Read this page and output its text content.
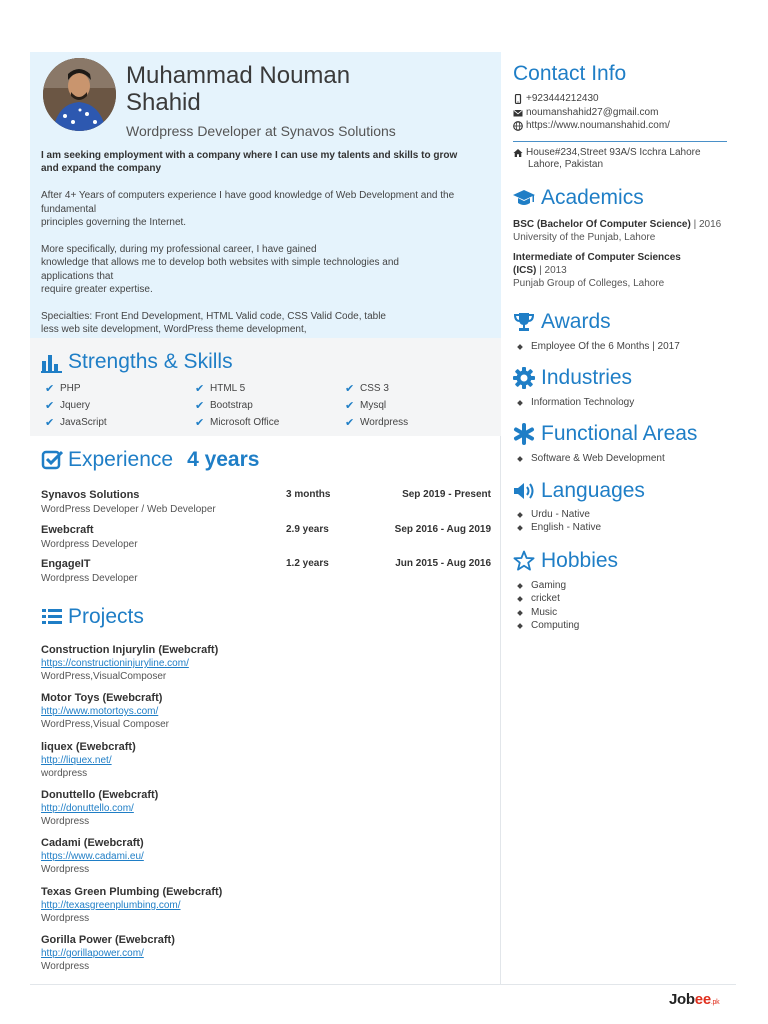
Muhammad Nouman
Shahid
Wordpress Developer at Synavos Solutions
I am seeking employment with a company where I can use my talents and skills to grow
and expand the company
After 4+ Years of computers experience I have good knowledge of Web Development and the
fundamental
principles governing the Internet.
More specifically, during my professional career, I have gained
knowledge that allows me to develop both websites with simple technologies and
applications that
require greater expertise.
Specialties: Front End Development, HTML Valid code, CSS Valid Code, table
less web site development, WordPress theme development,
Strengths & Skills
✔ PHP	✔ HTML 5	✔ CSS 3
✔ Jquery	✔ Bootstrap	✔ Mysql
✔ JavaScript	✔ Microsoft Office	✔ Wordpress
Experience 4 years
Synavos Solutions
WordPress Developer / Web Developer
3 months	Sep 2019 - Present
Ewebcraft
Wordpress Developer
2.9 years	Sep 2016 - Aug 2019
EngageIT
Wordpress Developer
1.2 years	Jun 2015 - Aug 2016
Projects
Construction Injurylin (Ewebcraft)
https://constructioninjuryline.com/
WordPress,VisualComposer
Motor Toys (Ewebcraft)
http://www.motortoys.com/
WordPress,Visual Composer
liquex (Ewebcraft)
http://liquex.net/
wordpress
Donuttello (Ewebcraft)
http://donuttello.com/
Wordpress
Cadami (Ewebcraft)
https://www.cadami.eu/
Wordpress
Texas Green Plumbing (Ewebcraft)
http://texasgreenplumbing.com/
Wordpress
Gorilla Power (Ewebcraft)
http://gorillapower.com/
Wordpress
Contact Info
+923444212430
noumanshahid27@gmail.com
https://www.noumanshahid.com/
House#234,Street 93A/S Icchra Lahore
Lahore, Pakistan
Academics
BSC (Bachelor Of Computer Science) | 2016
University of the Punjab, Lahore
Intermediate of Computer Sciences
(ICS) | 2013
Punjab Group of Colleges, Lahore
Awards
Employee Of the 6 Months | 2017
Industries
Information Technology
Functional Areas
Software & Web Development
Languages
Urdu - Native
English - Native
Hobbies
Gaming
cricket
Music
Computing
Jobee.pk
